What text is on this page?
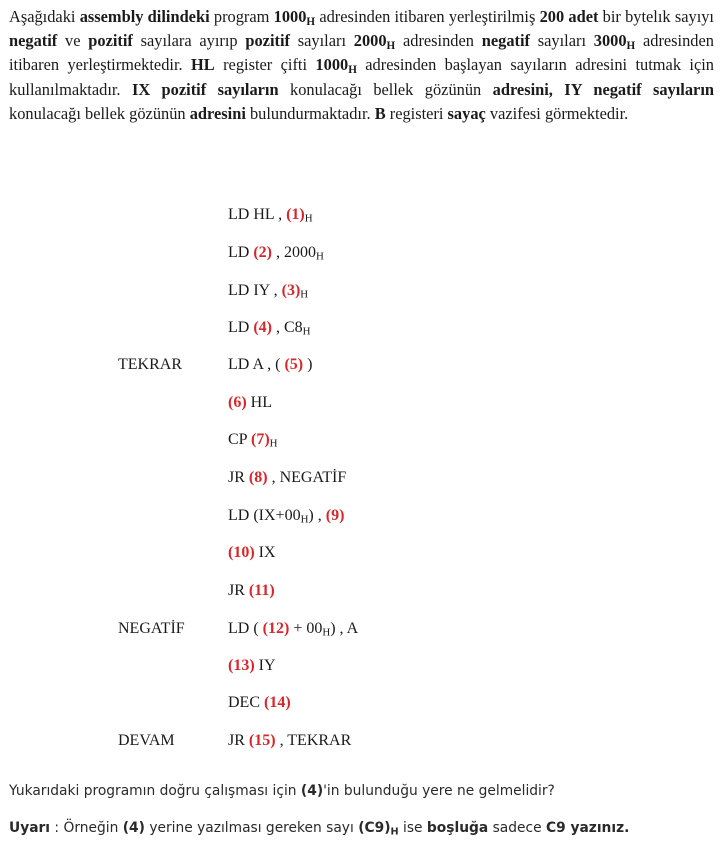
Aşağıdaki assembly dilindeki program $1000_H$ adresinden itibaren yerleştirilmiş 200 adet bir bytelık sayıyı negatif ve pozitif sayılara ayırıp pozitif sayıları $2000_H$ adresinden negatif sayıları $3000_H$ adresinden itibaren yerleştirmektedir. HL register çifti $1000_H$ adresinden başlayan sayıların adresini tutmak için kullanılmaktadır. IX pozitif sayıların konulacağı bellek gözünün adresini, IY negatif sayıların konulacağı bellek gözünün adresini bulundurmaktadır. B registeri sayaç vazifesi görmektedir.

LD HL , $(1)_H$
LD (2) , $2000_H$
LD IY , $(3)_H$
LD (4) , $C8_H$
TEKRAR	LD A , ( (5) )
(6) HL
CP $(7)_H$
JR (8) , NEGATİF
LD $(IX+00_H)$ , (9)
(10) IX
JR (11)
NEGATİF	LD ( $(12) + 00_H$) , A
(13) IY
DEC (14)
DEVAM	JR (15) , TEKRAR
Yukarıdaki programın doğru çalışması için (4)'in bulunduğu yere ne gelmelidir?
Uyarı : Örneğin (4) yerine yazılması gereken sayı $(C9)_H$ ise boşluğa sadece C9 yazınız.
